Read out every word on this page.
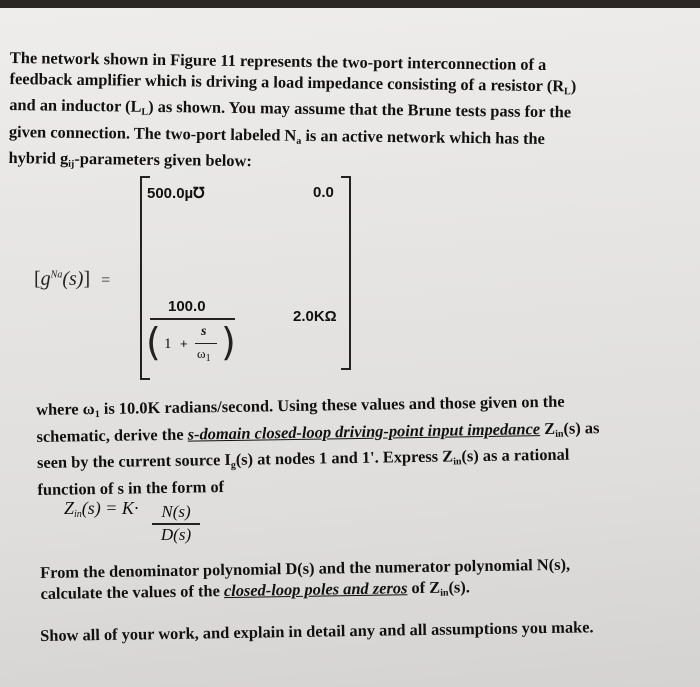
The network shown in Figure 11 represents the two-port interconnection of a
feedback amplifier which is driving a load impedance consisting of a resistor $(R_L)$
and an inductor $(L_L)$ as shown. You may assume that the Brune tests pass for the
given connection. The two-port labeled $N_a$ is an active network which has the
hybrid $g_{ij}$-parameters given below:
$[g^{Na}(s)]$ =
500.0µ℧	0.0
100.0
( 1 +
s
$\omega_1$ )
2.0KΩ
where $\omega_1$ is 10.0K radians/second. Using these values and those given on the
schematic, derive the s-domain closed-loop driving-point input impedance $Z_{in}(s)$ as
seen by the current source $I_g(s)$ at nodes 1 and 1'. Express $Z_{in}(s)$ as a rational
function of s in the form of
$Z_{in}(s) = K\cdot \frac{N(s)}{D(s)}$
From the denominator polynomial D(s) and the numerator polynomial N(s),
calculate the values of the closed-loop poles and zeros of $Z_{in}(s)$.
Show all of your work, and explain in detail any and all assumptions you make.
